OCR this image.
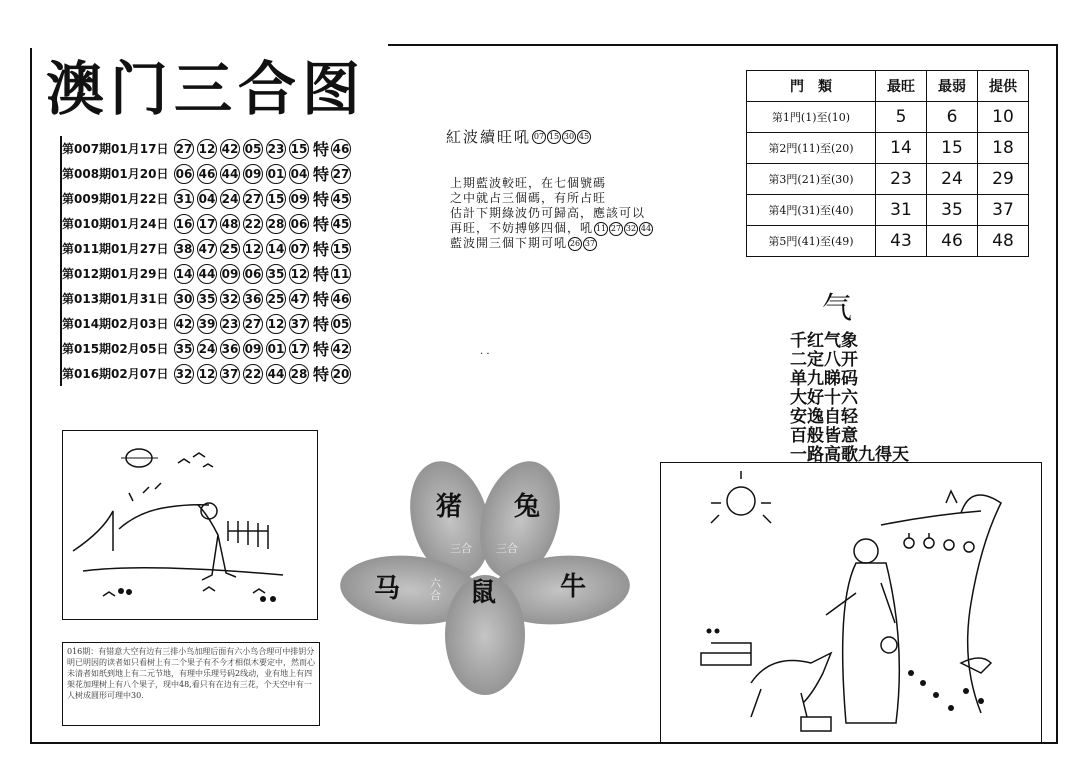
澳门三合图
第007期01月17日 27 12 42 05 23 15 特 46
第008期01月20日 06 46 44 09 01 04 特 27
第009期01月22日 31 04 24 27 15 09 特 45
第010期01月24日 16 17 48 22 28 06 特 45
第011期01月27日 38 47 25 12 14 07 特 15
第012期01月29日 14 44 09 06 35 12 特 11
第013期01月31日 30 35 32 36 25 47 特 46
第014期02月03日 42 39 23 27 12 37 特 05
第015期02月05日 35 24 36 09 01 17 特 42
第016期02月07日 32 12 37 22 44 28 特 20
紅波續旺吼 07 15 30 45
上期藍波較旺，在七個號碼
之中就占三個碼，有所占旺
估計下期綠波仍可歸高，應該可以
再旺，不妨搏够四個，吼 11 27 32 44
藍波開三個下期可吼 26 37
門　類	最旺	最弱	提供
第1門(1)至(10)	5	6	10
第2門(11)至(20)	14	15	18
第3門(21)至(30)	23	24	29
第4門(31)至(40)	31	35	37
第5門(41)至(49)	43	46	48
气
千红气象
二定八开
单九睇码
大好十六
安逸自轻
百般皆意
一路高歌九得天
. .
猪 兔
马	鼠 牛
三合 三合
六合
016期：有错意大空有边有三排小鸟加理后面有六小鸟合理可中排钥分明已明因的读者如只看树上有二个果子有不今才相似木要定中，然而心未清者如纸到地上有二元节地，有理中乐理号码2线动，业有地上有四架花加理树上有八个果子，现中48,看只有在边有三花，个天空中有一人树成圆形可理中30.
